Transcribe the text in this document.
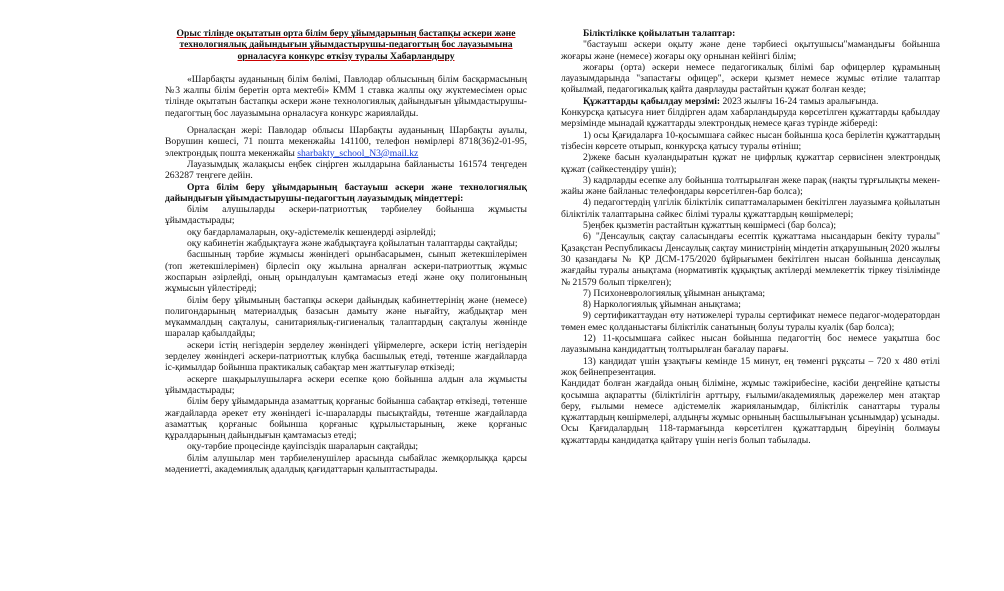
Орыс тілінде оқытатын орта білім беру ұйымдарының бастапқы әскери және технологиялық дайындығын ұйымдастырушы-педагогтың бос лауазымына орналасуға конкурс өткізу туралы Хабарландыру

«Шарбақты ауданының білім бөлімі, Павлодар облысының білім басқармасының №3 жалпы білім беретін орта мектебі» КММ 1 ставка жалпы оқу жүктемесімен орыс тілінде оқытатын бастапқы әскери және технологиялық дайындығын ұйымдастырушы-педагогтың бос лауазымына орналасуға конкурс жариялайды.

Орналасқан жері: Павлодар облысы Шарбақты ауданының Шарбақты ауылы, Ворушин көшесі, 71 пошта мекенжайы 141100, телефон нөмірлері 8718(36)2-01-95, электрондық пошта мекенжайы sharbakty_school_N3@mail.kz

Лауазымдық жалақысы еңбек сіңірген жылдарына байланысты 161574 теңгеден 263287 теңгеге дейін.

Орта білім беру ұйымдарының бастауыш әскери және технологиялық дайындығын ұйымдастырушы-педагогтың лауазымдық міндеттері:

білім алушыларды әскери-патриоттық тәрбиелеу бойынша жұмысты ұйымдастырады;

оқу бағдарламаларын, оқу-әдістемелік кешендерді әзірлейді;

оқу кабинетін жабдықтауға және жабдықтауға қойылатын талаптарды сақтайды;

басшының тәрбие жұмысы жөніндегі орынбасарымен, сынып жетекшілерімен (топ жетекшілерімен) бірлесіп оқу жылына арналған әскери-патриоттық жұмыс жоспарын әзірлейді, оның орындалуын қамтамасыз етеді және оқу полигонының жұмысын үйлестіреді;

білім беру ұйымының бастапқы әскери дайындық кабинеттерінің және (немесе) полигондарының материалдық базасын дамыту және нығайту, жабдықтар мен мүкаммалдың сақталуы, санитариялық-гигиеналық талаптардың сақталуы жөнінде шаралар қабылдайды;

әскери істің негіздерін зерделеу жөніндегі үйірмелерге, әскери істің негіздерін зерделеу жөніндегі әскери-патриоттық клубқа басшылық етеді, төтенше жағдайларда іс-қимылдар бойынша практикалық сабақтар мен жаттығулар өткізеді;

әскерге шақырылушыларға әскери есепке қою бойынша алдын ала жұмысты ұйымдастырады;

білім беру ұйымдарында азаматтық қорғаныс бойынша сабақтар өткізеді, төтенше жағдайларда әрекет ету жөніндегі іс-шараларды пысықтайды, төтенше жағдайларда азаматтық қорғаныс бойынша қорғаныс құрылыстарының, жеке қорғаныс құралдарының дайындығын қамтамасыз етеді;

оқу-тәрбие процесінде қауіпсіздік шараларын сақтайды;

білім алушылар мен тәрбиеленушілер арасында сыбайлас жемқорлыққа қарсы мәдениетті, академиялық адалдық қағидаттарын қалыптастырады.

Біліктілікке қойылатын талаптар:

"бастауыш әскери оқыту және дене тәрбиесі оқытушысы"мамандығы бойынша жоғары және (немесе) жоғары оқу орнынан кейінгі білім;

жоғары (орта) әскери немесе педагогикалық білімі бар офицерлер құрамының лауазымдарында "запастағы офицер", әскери қызмет немесе жұмыс өтілие талаптар қойылмай, педагогикалық қайта даярлауды растайтын құжат болған кезде;

Құжаттарды қабылдау мерзімі: 2023 жылғы 16-24 тамыз аралығында.

Конкурсқа қатысуға ниет білдірген адам хабарландыруда көрсетілген құжаттарды қабылдау мерзімінде мынадай құжаттарды электрондық немесе қағаз түрінде жібереді:

1) осы Қағидаларға 10-қосымшаға сәйкес нысан бойынша қоса берілетін құжаттардың тізбесін көрсете отырып, конкурсқа қатысу туралы өтініш;

2)жеке басын куәландыратын құжат не цифрлық құжаттар сервисінен электрондық құжат (сәйкестендіру үшін);

3) кадрларды есепке алу бойынша толтырылған жеке парақ (нақты тұрғылықты мекен-жайы және байланыс телефондары көрсетілген-бар болса);

4) педагогтердің үлгілік біліктілік сипаттамаларымен бекітілген лауазымға қойылатын біліктілік талаптарына сәйкес білімі туралы құжаттардың көшірмелері;

5)еңбек қызметін растайтын құжаттың көшірмесі (бар болса);

6) "Денсаулық сақтау саласындағы есептік құжаттама нысандарын бекіту туралы" Қазақстан Республикасы Денсаулық сақтау министрінің міндетін атқарушының 2020 жылғы 30 қазандағы № ҚР ДСМ-175/2020 бұйрығымен бекітілген нысан бойынша денсаулық жағдайы туралы анықтама (нормативтік құқықтық актілерді мемлекеттік тіркеу тізілімінде № 21579 болып тіркелген);

7) Психоневрологиялық ұйымнан анықтама;

8) Наркологиялық ұйымнан анықтама;

9) сертификаттаудан өту нәтижелері туралы сертификат немесе педагог-модератордан төмен емес қолданыстағы біліктілік санатының болуы туралы куәлік (бар болса);

12) 11-қосымшаға сәйкес нысан бойынша педагогтің бос немесе уақытша бос лауазымына кандидаттың толтырылған бағалау парағы.

13) кандидат үшін ұзақтығы кемінде 15 минут, ең төменгі рұқсаты – 720 х 480 өтілі жоқ бейнепрезентация.

Кандидат болған жағдайда оның біліміне, жұмыс тәжірибесіне, кәсіби деңгейіне қатысты қосымша ақпаратты (біліктілігін арттыру, ғылыми/академиялық дәрежелер мен атақтар беру, ғылыми немесе әдістемелік жарияланымдар, біліктілік санаттары туралы құжаттардың көшірмелері, алдыңғы жұмыс орнының басшылығынан ұсынымдар) ұсынады.

Осы Қағидалардың 118-тармағында көрсетілген құжаттардың біреуінің болмауы құжаттарды кандидатқа қайтару үшін негіз болып табылады.
